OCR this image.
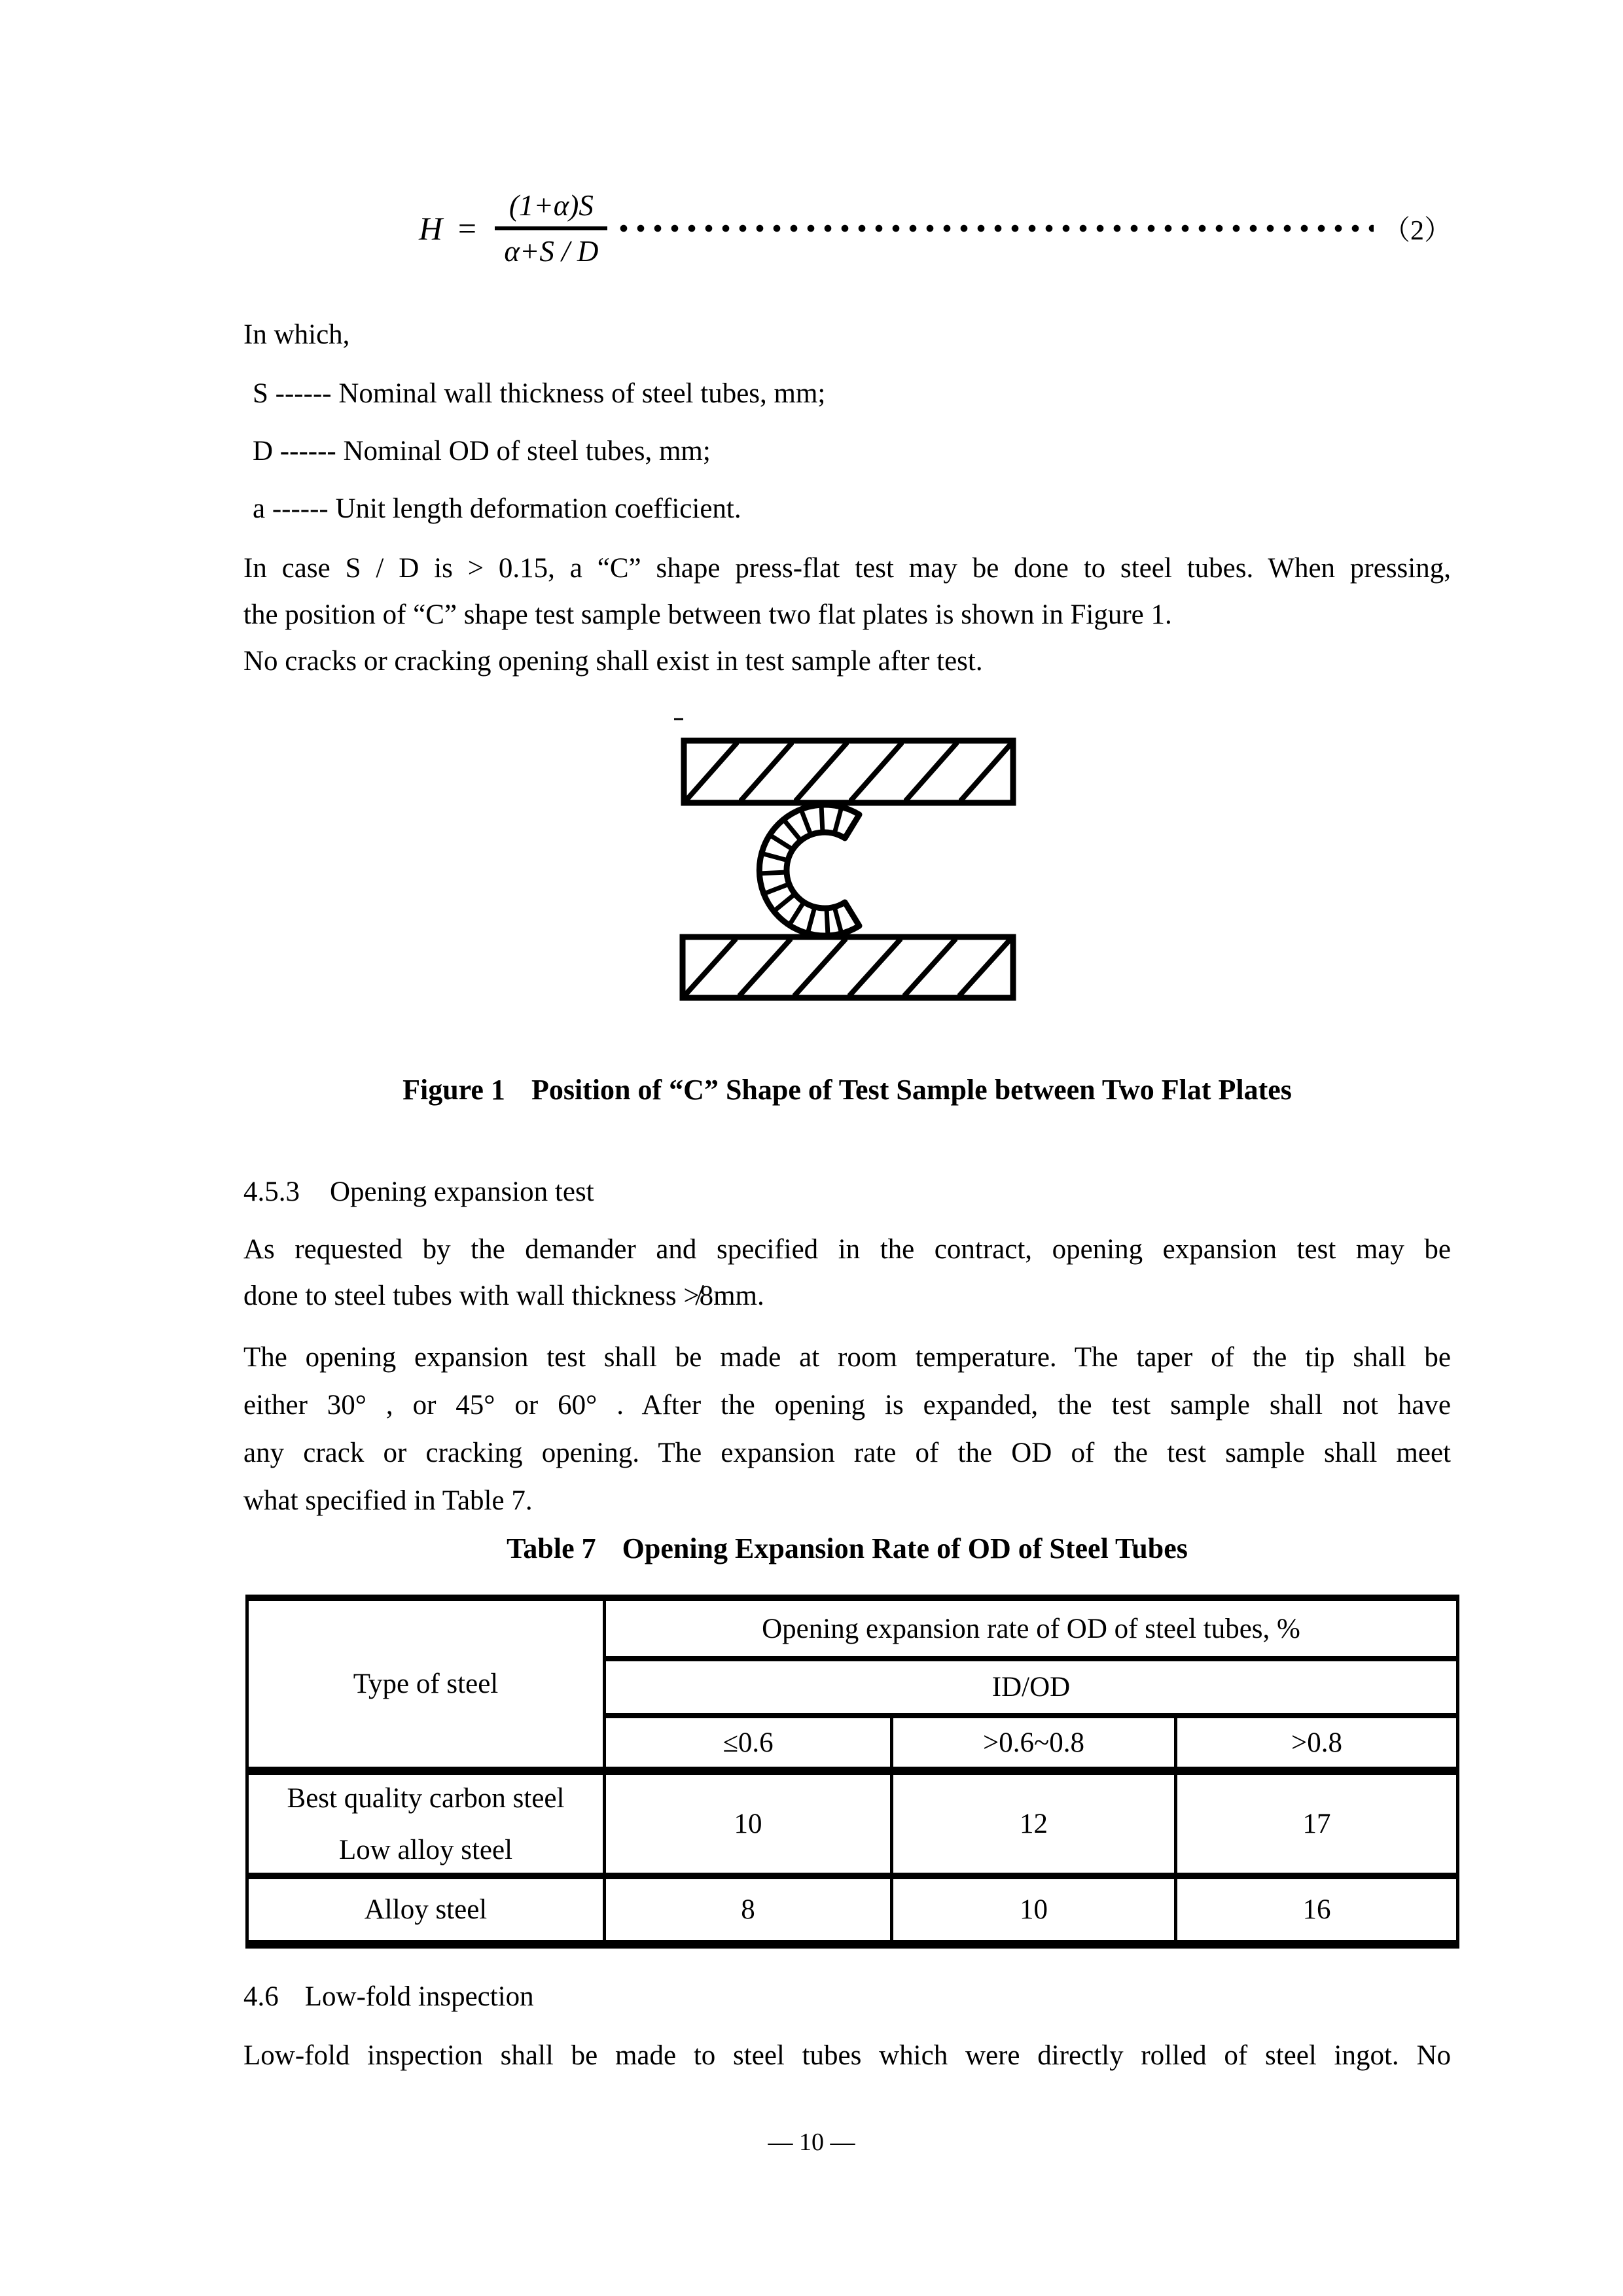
$H = \frac{(1+\alpha)S}{\alpha+S / D}$	（2）
In which,
S ------ Nominal wall thickness of steel tubes, mm;
D ------ Nominal OD of steel tubes, mm;
a ------ Unit length deformation coefficient.
In case S / D is > 0.15, a “C” shape press-flat test may be done to steel tubes. When pressing,
the position of “C” shape test sample between two flat plates is shown in Figure 1.
No cracks or cracking opening shall exist in test sample after test.
Figure 1 Position of “C” Shape of Test Sample between Two Flat Plates
4.5.3 Opening expansion test
As requested by the demander and specified in the contract, opening expansion test may be
done to steel tubes with wall thickness ≯8mm.
The opening expansion test shall be made at room temperature. The taper of the tip shall be
either 30° , or 45° or 60° . After the opening is expanded, the test sample shall not have
any crack or cracking opening. The expansion rate of the OD of the test sample shall meet
what specified in Table 7.
Table 7 Opening Expansion Rate of OD of Steel Tubes
Type of steel	Opening expansion rate of OD of steel tubes, %		
	ID/OD		
	≤0.6	>0.6~0.8	>0.8

Best quality carbon steel
Low alloy steel	10	12	17
Alloy steel	8	10	16
4.6 Low-fold inspection
Low-fold inspection shall be made to steel tubes which were directly rolled of steel ingot. No
— 10 —
